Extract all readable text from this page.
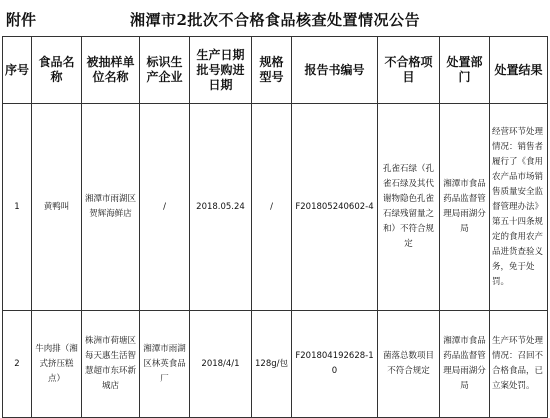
附件	湘潭市2批次不合格食品核查处置情况公告
序号	食品名称	被抽样单位名称	标识生产企业	生产日期批号购进日期	规格型号	报告书编号	不合格项目	处置部门	处置结果
1	黄鸭叫	湘潭市雨湖区贺辉海鲜店	/	2018.05.24	/	F201805240602-4	孔雀石绿（孔雀石绿及其代谢物隐色孔雀石绿残留量之和）不符合规定	湘潭市食品药品监督管理局雨湖分局	经营环节处理情况：销售者履行了《食用农产品市场销售质量安全监督管理办法》第五十四条规定的食用农产品进货查验义务，免于处罚。
2	牛肉排（湘式挤压糕点）	株洲市荷塘区每天惠生活智慧超市东环新城店	湘潭市雨湖区林英食品厂	2018/4/1	128g/包	F201804192628-10	菌落总数项目不符合规定	湘潭市食品药品监督管理局雨湖分局	生产环节处理情况：召回不合格食品，已立案处罚。
